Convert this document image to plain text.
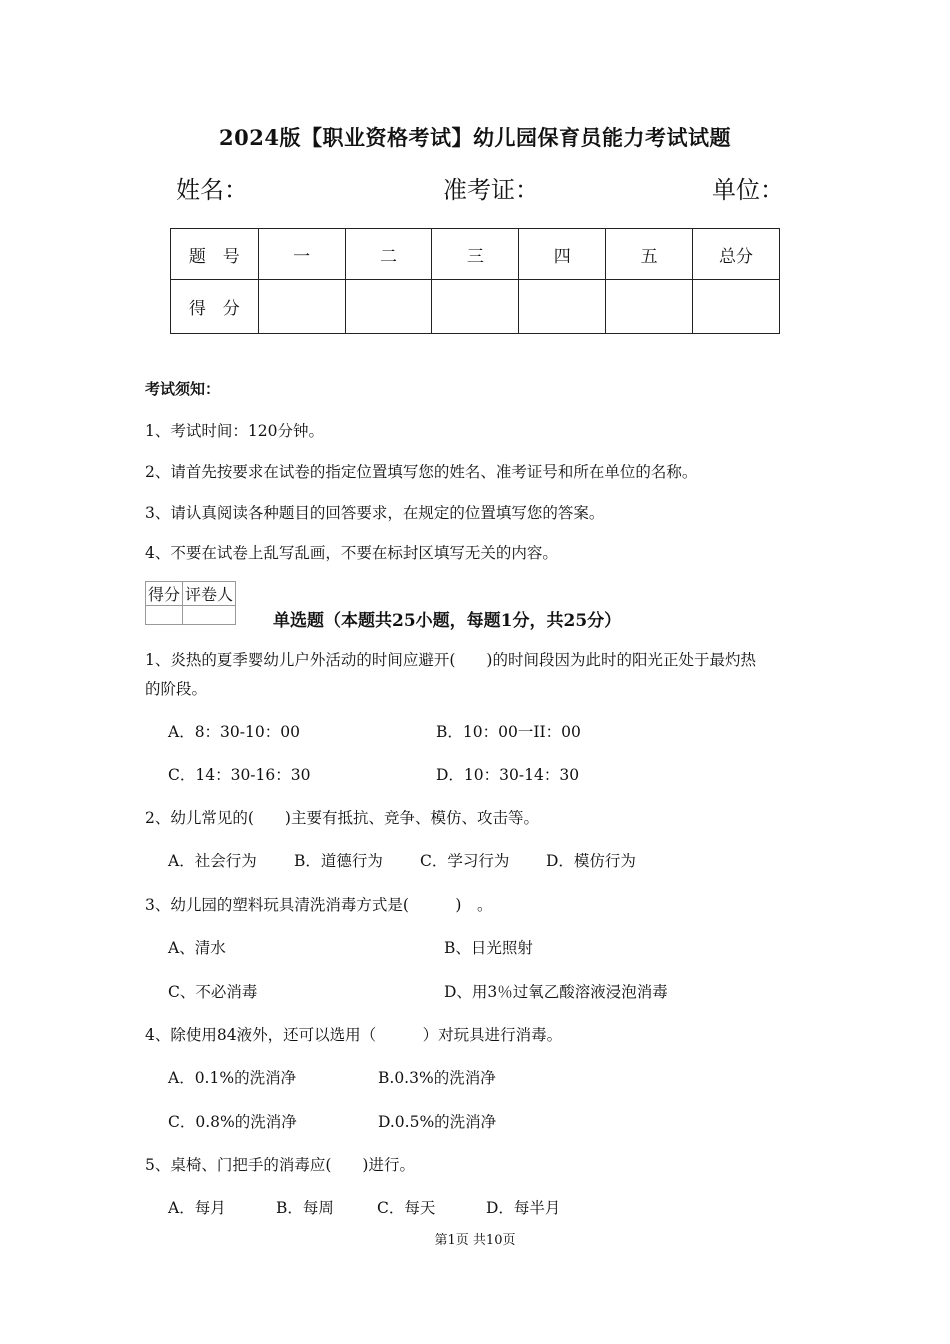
2024版【职业资格考试】幼儿园保育员能力考试试题
姓名：	准考证：	单位：
题　号	一	二	三	四	五	总分
得　分						
考试须知：
1、考试时间：120分钟。
2、请首先按要求在试卷的指定位置填写您的姓名、准考证号和所在单位的名称。
3、请认真阅读各种题目的回答要求，在规定的位置填写您的答案。
4、不要在试卷上乱写乱画，不要在标封区填写无关的内容。
得分	评卷人

单选题（本题共25小题，每题1分，共25分）
1、炎热的夏季婴幼儿户外活动的时间应避开(　　)的时间段因为此时的阳光正处于最灼热
的阶段。
A．8：30-10：00	B．10：00一II：00
C．14：30-16：30	D．10：30-14：30
2、幼儿常见的(　　)主要有抵抗、竞争、模仿、攻击等。
A．社会行为 B．道德行为 C．学习行为 D．模仿行为
3、幼儿园的塑料玩具清洗消毒方式是(　　　)　。
A、清水	B、日光照射
C、不必消毒	D、用3％过氧乙酸溶液浸泡消毒
4、除使用84液外，还可以选用（　　　）对玩具进行消毒。
A．0.1%的洗消净	B.0.3%的洗消净
C．0.8%的洗消净	D.0.5%的洗消净
5、桌椅、门把手的消毒应(　　)进行。
A．每月	B．每周	C．每天	D．每半月
第1页 共10页
